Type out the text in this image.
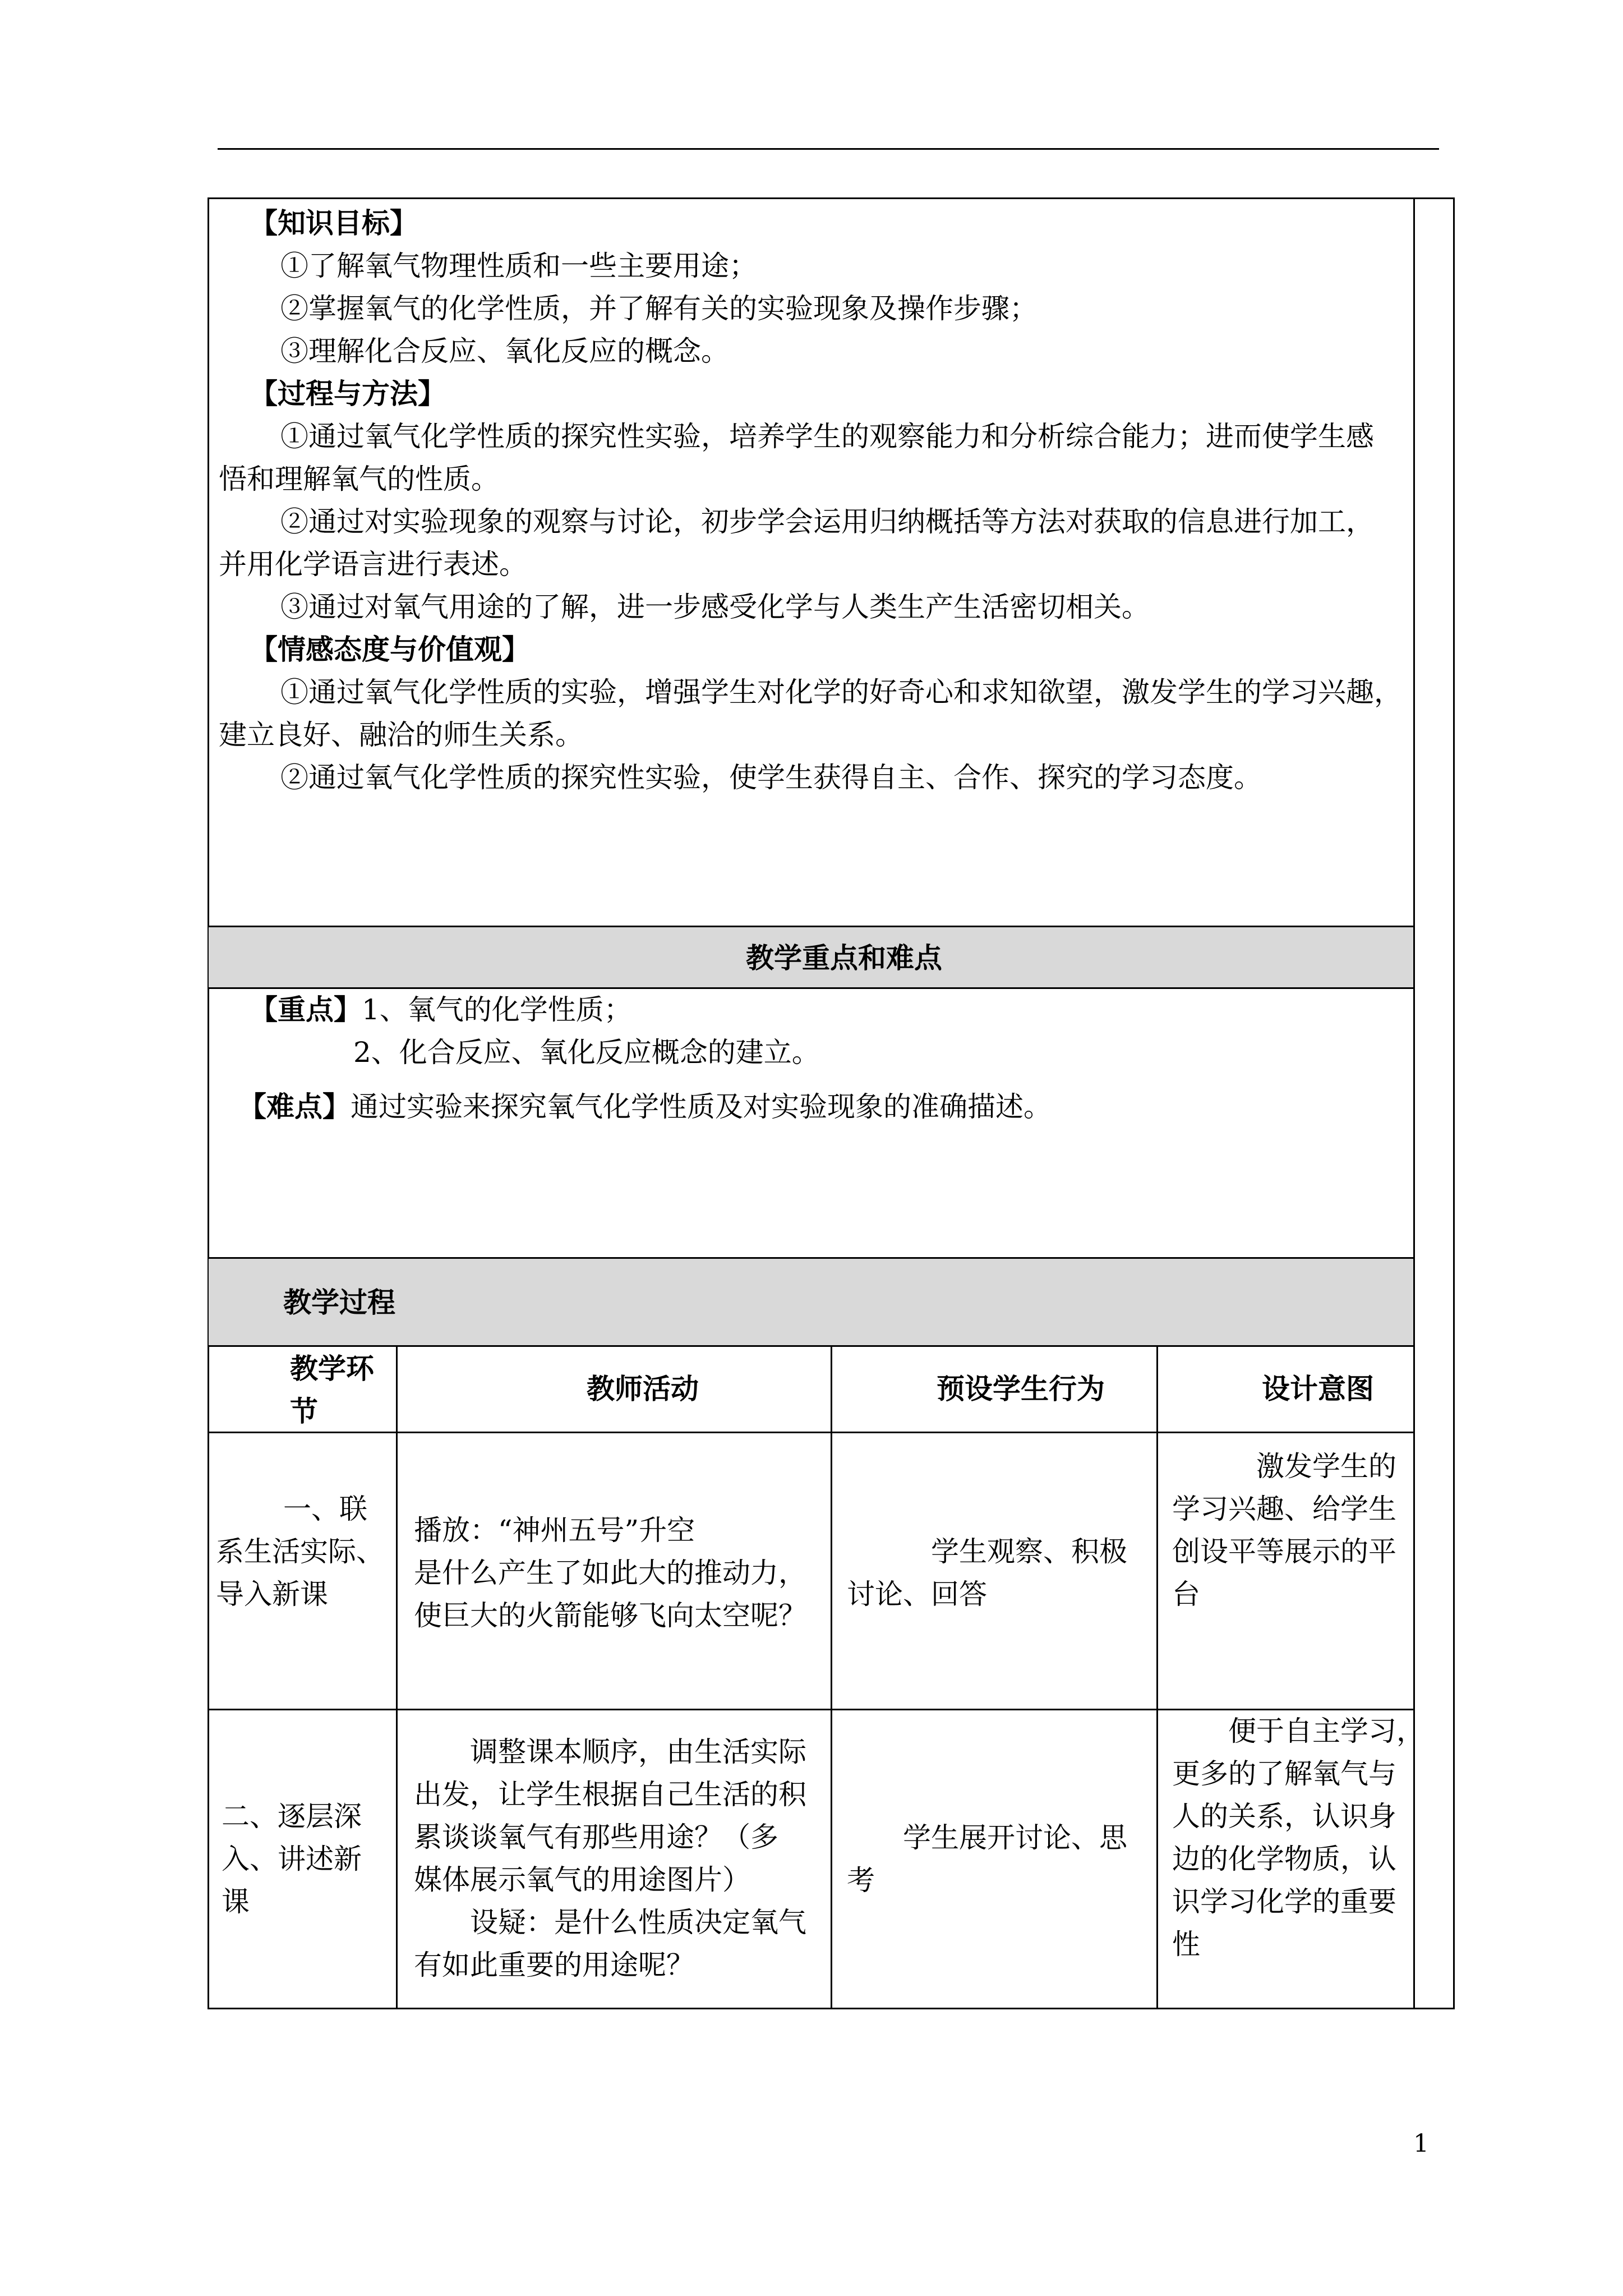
【知识目标】
①了解氧气物理性质和一些主要用途；
②掌握氧气的化学性质，并了解有关的实验现象及操作步骤；
③理解化合反应、氧化反应的概念。
【过程与方法】
①通过氧气化学性质的探究性实验，培养学生的观察能力和分析综合能力；进而使学生感
悟和理解氧气的性质。
②通过对实验现象的观察与讨论，初步学会运用归纳概括等方法对获取的信息进行加工，
并用化学语言进行表述。
③通过对氧气用途的了解，进一步感受化学与人类生产生活密切相关。
【情感态度与价值观】
①通过氧气化学性质的实验，增强学生对化学的好奇心和求知欲望，激发学生的学习兴趣，
建立良好、融洽的师生关系。
②通过氧气化学性质的探究性实验，使学生获得自主、合作、探究的学习态度。
教学重点和难点
【重点】1、氧气的化学性质；
2、化合反应、氧化反应概念的建立。
【难点】通过实验来探究氧气化学性质及对实验现象的准确描述。
教学过程

教学环

节

教师活动	预设学生行为	设计意图

一、联

系生活实际、

导入新课

播放：“神州五号”升空

是什么产生了如此大的推动力，

使巨大的火箭能够飞向太空呢？

学生观察、积极

讨论、回答

激发学生的

学习兴趣、给学生

创设平等展示的平

台

二、逐层深

入、讲述新

课

调整课本顺序，由生活实际

出发，让学生根据自己生活的积

累谈谈氧气有那些用途？（多

媒体展示氧气的用途图片）

设疑：是什么性质决定氧气

有如此重要的用途呢？

学生展开讨论、思

考

便于自主学习，

更多的了解氧气与

人的关系，认识身

边的化学物质，认

识学习化学的重要

性

1
